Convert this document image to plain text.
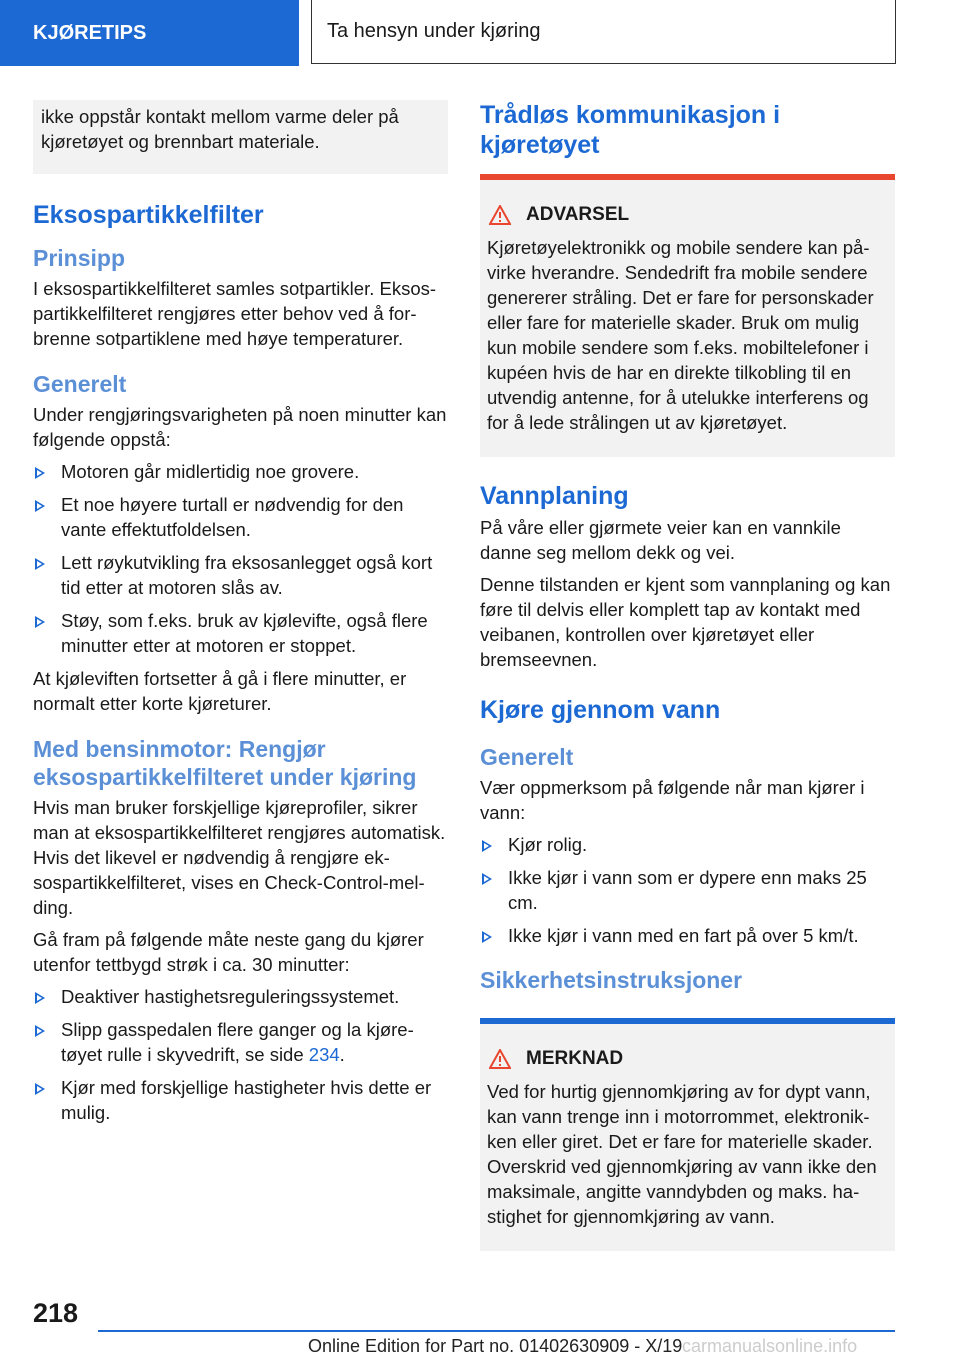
KJØRETIPS	Ta hensyn under kjøring

ikke oppstår kontakt mellom varme deler på kjøretøyet og brennbart materiale.

Eksospartikkelfilter
Prinsipp

I eksospartikkelfilteret samles sotpartikler. Eksospartikkelfilteret rengjøres etter behov ved å forbrenne sotpartiklene med høye temperaturer.

Generelt

Under rengjøringsvarigheten på noen minutter kan følgende oppstå:

Motoren går midlertidig noe grovere.
Et noe høyere turtall er nødvendig for den vante effektutfoldelsen.
Lett røykutvikling fra eksosanlegget også kort tid etter at motoren slås av.
Støy, som f.eks. bruk av kjølevifte, også flere minutter etter at motoren er stoppet.

At kjøleviften fortsetter å gå i flere minutter, er normalt etter korte kjøreturer.

Med bensinmotor: Rengjør eksospartikkelfilteret under kjøring

Hvis man bruker forskjellige kjøreprofiler, sikrer man at eksospartikkelfilteret rengjøres automatisk. Hvis det likevel er nødvendig å rengjøre eksospartikkelfilteret, vises en Check-Control-melding.

Gå fram på følgende måte neste gang du kjører utenfor tettbygd strøk i ca. 30 minutter:

Deaktiver hastighetsreguleringssystemet.
Slipp gasspedalen flere ganger og la kjøretøyet rulle i skyvedrift, se side 234.
Kjør med forskjellige hastigheter hvis dette er mulig.
Trådløs kommunikasjon i kjøretøyet
ADVARSEL

Kjøretøyelektronikk og mobile sendere kan påvirke hverandre. Sendedrift fra mobile sendere genererer stråling. Det er fare for personskader eller fare for materielle skader. Bruk om mulig kun mobile sendere som f.eks. mobiltelefoner i kupéen hvis de har en direkte tilkobling til en utvendig antenne, for å utelukke interferens og for å lede strålingen ut av kjøretøyet.

Vannplaning

På våre eller gjørmete veier kan en vannkile danne seg mellom dekk og vei.

Denne tilstanden er kjent som vannplaning og kan føre til delvis eller komplett tap av kontakt med veibanen, kontrollen over kjøretøyet eller bremseevnen.

Kjøre gjennom vann
Generelt

Vær oppmerksom på følgende når man kjører i vann:

Kjør rolig.
Ikke kjør i vann som er dypere enn maks 25 cm.
Ikke kjør i vann med en fart på over 5 km/t.
Sikkerhetsinstruksjoner
MERKNAD

Ved for hurtig gjennomkjøring av for dypt vann, kan vann trenge inn i motorrommet, elektronikken eller giret. Det er fare for materielle skader. Overskrid ved gjennomkjøring av vann ikke den maksimale, angitte vanndybden og maks. hastighet for gjennomkjøring av vann.

218
Online Edition for Part no. 01402630909 - X/19 carmanualsonline.info
